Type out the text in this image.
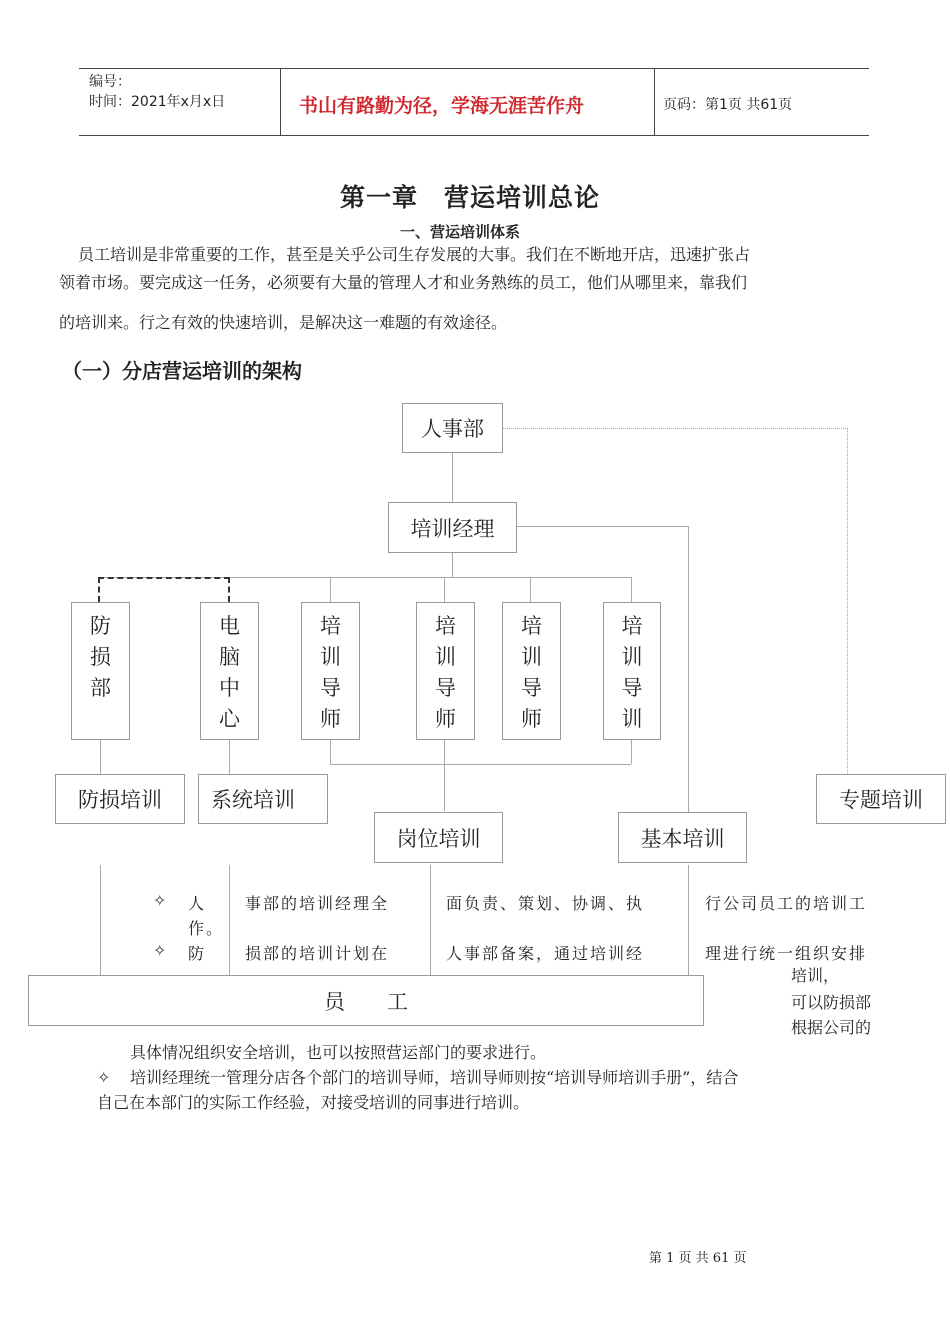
编号：
时间：2021年x月x日	书山有路勤为径，学海无涯苦作舟	页码：第1页 共61页
第一章　营运培训总论
一、营运培训体系
员工培训是非常重要的工作，甚至是关乎公司生存发展的大事。我们在不断地开店，迅速扩张占
领着市场。要完成这一任务，必须要有大量的管理人才和业务熟练的员工，他们从哪里来，靠我们
的培训来。行之有效的快速培训，是解决这一难题的有效途径。
（一）分店营运培训的架构
人事部
培训经理
防
损
部
电
脑
中
心
培
训
导
师
培
训
导
师
培
训
导
师
培
训
导
训
防损培训	系统培训	专题培训
岗位培训	基本培训
✧ 人
作。
事部的培训经理全	面负责、策划、协调、执	行公司员工的培训工
✧ 防 损部的培训计划在	人事部备案，通过培训经	理进行统一组织安排
员　　工
培训，
可以防损部
根据公司的
具体情况组织安全培训，也可以按照营运部门的要求进行。
✧ 培训经理统一管理分店各个部门的培训导师，培训导师则按“培训导师培训手册”，结合
自己在本部门的实际工作经验，对接受培训的同事进行培训。
第 1 页 共 61 页
